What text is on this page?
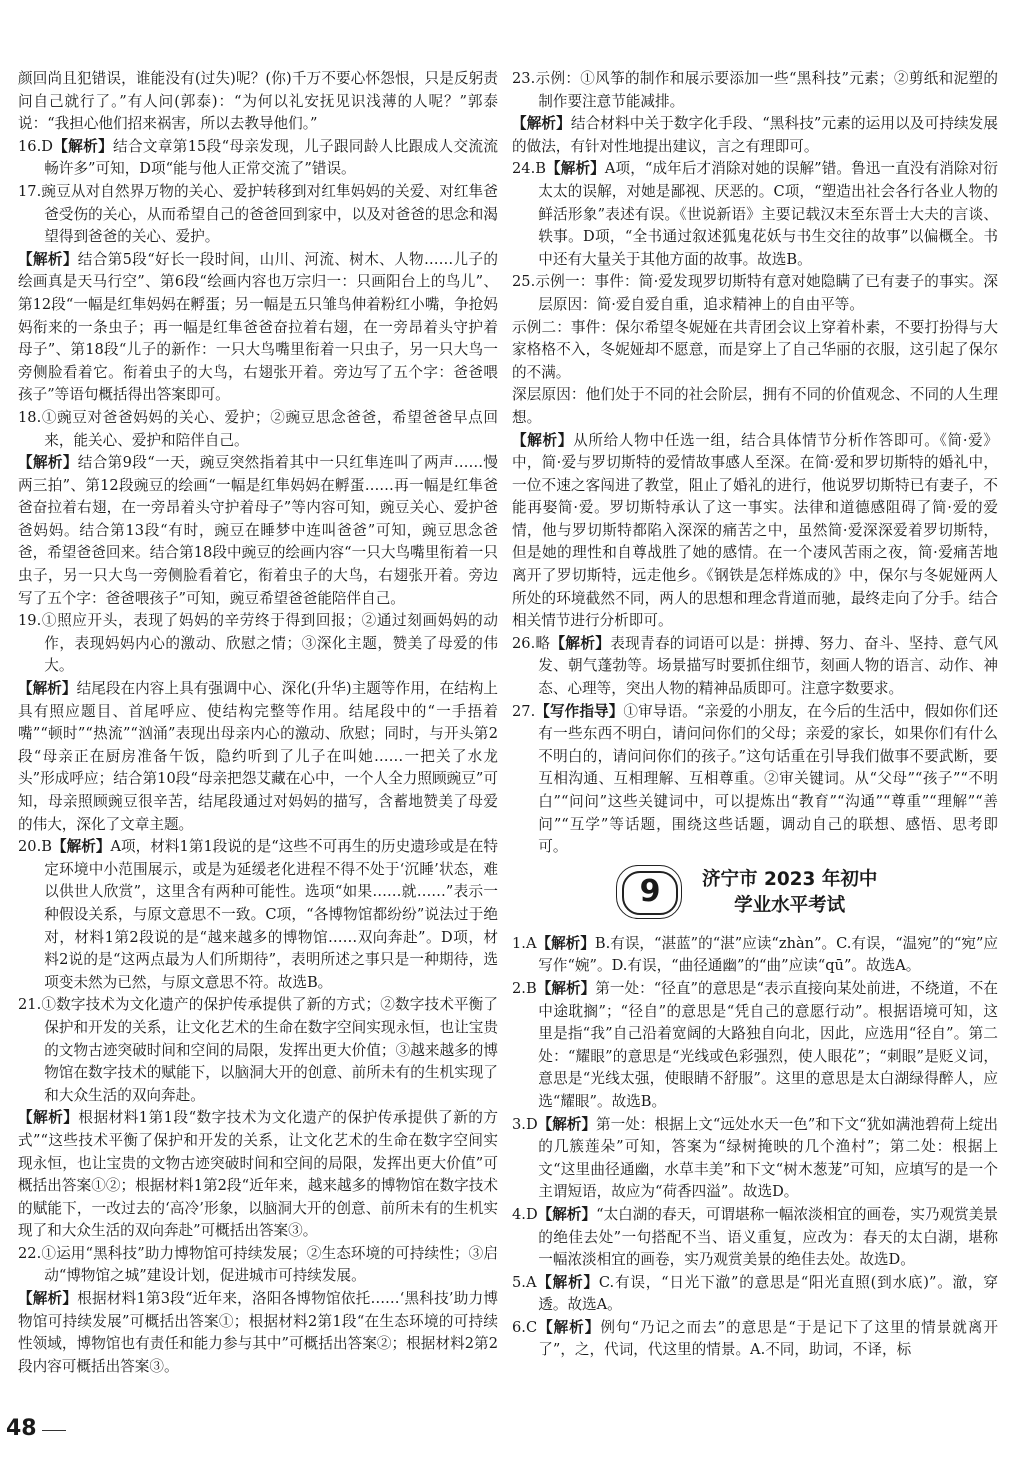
颜回尚且犯错误，谁能没有(过失)呢？(你)千万不要心怀怨恨，只是反躬责问自己就行了。”有人问(郭泰)：“为何以礼安抚见识浅薄的人呢？”郭泰说：“我担心他们招来祸害，所以去教导他们。”

16.D【解析】结合文章第15段“母亲发现，儿子跟同龄人比跟成人交流流畅许多”可知，D项“能与他人正常交流了”错误。

17.豌豆从对自然界万物的关心、爱护转移到对红隼妈妈的关爱、对红隼爸爸受伤的关心，从而希望自己的爸爸回到家中，以及对爸爸的思念和渴望得到爸爸的关心、爱护。

【解析】结合第5段“好长一段时间，山川、河流、树木、人物……儿子的绘画真是天马行空”、第6段“绘画内容也万宗归一：只画阳台上的鸟儿”、第12段“一幅是红隼妈妈在孵蛋；另一幅是五只雏鸟伸着粉红小嘴，争抢妈妈衔来的一条虫子；再一幅是红隼爸爸奋拉着右翅，在一旁昂着头守护着母子”、第18段“儿子的新作：一只大鸟嘴里衔着一只虫子，另一只大鸟一旁侧脸看着它。衔着虫子的大鸟，右翅张开着。旁边写了五个字：爸爸喂孩子”等语句概括得出答案即可。

18.①豌豆对爸爸妈妈的关心、爱护；②豌豆思念爸爸，希望爸爸早点回来，能关心、爱护和陪伴自己。

【解析】结合第9段“一天，豌豆突然指着其中一只红隼连叫了两声……慢两三拍”、第12段豌豆的绘画“一幅是红隼妈妈在孵蛋……再一幅是红隼爸爸奋拉着右翅，在一旁昂着头守护着母子”等内容可知，豌豆关心、爱护爸爸妈妈。结合第13段“有时，豌豆在睡梦中连叫爸爸”可知，豌豆思念爸爸，希望爸爸回来。结合第18段中豌豆的绘画内容“一只大鸟嘴里衔着一只虫子，另一只大鸟一旁侧脸看着它，衔着虫子的大鸟，右翅张开着。旁边写了五个字：爸爸喂孩子”可知，豌豆希望爸爸能陪伴自己。

19.①照应开头，表现了妈妈的辛劳终于得到回报；②通过刻画妈妈的动作，表现妈妈内心的激动、欣慰之情；③深化主题，赞美了母爱的伟大。

【解析】结尾段在内容上具有强调中心、深化(升华)主题等作用，在结构上具有照应题目、首尾呼应、使结构完整等作用。结尾段中的“一手捂着嘴”“顿时”“热流”“汹涌”表现出母亲内心的激动、欣慰；同时，与开头第2段“母亲正在厨房准备午饭，隐约听到了儿子在叫她……一把关了水龙头”形成呼应；结合第10段“母亲把怨艾藏在心中，一个人全力照顾豌豆”可知，母亲照顾豌豆很辛苦，结尾段通过对妈妈的描写，含蓄地赞美了母爱的伟大，深化了文章主题。

20.B【解析】A项，材料1第1段说的是“这些不可再生的历史遗珍或是在特定环境中小范围展示，或是为延缓老化进程不得不处于‘沉睡’状态，难以供世人欣赏”，这里含有两种可能性。选项“如果……就……”表示一种假设关系，与原文意思不一致。C项，“各博物馆都纷纷”说法过于绝对，材料1第2段说的是“越来越多的博物馆……双向奔赴”。D项，材料2说的是“这两点最为人们所期待”，表明所述之事只是一种期待，选项变未然为已然，与原文意思不符。故选B。

21.①数字技术为文化遗产的保护传承提供了新的方式；②数字技术平衡了保护和开发的关系，让文化艺术的生命在数字空间实现永恒，也让宝贵的文物古迹突破时间和空间的局限，发挥出更大价值；③越来越多的博物馆在数字技术的赋能下，以脑洞大开的创意、前所未有的生机实现了和大众生活的双向奔赴。

【解析】根据材料1第1段“数字技术为文化遗产的保护传承提供了新的方式”“这些技术平衡了保护和开发的关系，让文化艺术的生命在数字空间实现永恒，也让宝贵的文物古迹突破时间和空间的局限，发挥出更大价值”可概括出答案①②；根据材料1第2段“近年来，越来越多的博物馆在数字技术的赋能下，一改过去的‘高冷’形象，以脑洞大开的创意、前所未有的生机实现了和大众生活的双向奔赴”可概括出答案③。

22.①运用“黑科技”助力博物馆可持续发展；②生态环境的可持续性；③启动“博物馆之城”建设计划，促进城市可持续发展。

【解析】根据材料1第3段“近年来，洛阳各博物馆依托……‘黑科技’助力博物馆可持续发展”可概括出答案①；根据材料2第1段“在生态环境的可持续性领域，博物馆也有责任和能力参与其中”可概括出答案②；根据材料2第2段内容可概括出答案③。

23.示例：①风筝的制作和展示要添加一些“黑科技”元素；②剪纸和泥塑的制作要注意节能减排。

【解析】结合材料中关于数字化手段、“黑科技”元素的运用以及可持续发展的做法，有针对性地提出建议，言之有理即可。

24.B【解析】A项，“成年后才消除对她的误解”错。鲁迅一直没有消除对衍太太的误解，对她是鄙视、厌恶的。C项，“塑造出社会各行各业人物的鲜活形象”表述有误。《世说新语》主要记载汉末至东晋士大夫的言谈、轶事。D项，“全书通过叙述狐鬼花妖与书生交往的故事”以偏概全。书中还有大量关于其他方面的故事。故选B。

25.示例一：事件：简·爱发现罗切斯特有意对她隐瞒了已有妻子的事实。深层原因：简·爱自爱自重，追求精神上的自由平等。

示例二：事件：保尔希望冬妮娅在共青团会议上穿着朴素，不要打扮得与大家格格不入，冬妮娅却不愿意，而是穿上了自己华丽的衣服，这引起了保尔的不满。

深层原因：他们处于不同的社会阶层，拥有不同的价值观念、不同的人生理想。

【解析】从所给人物中任选一组，结合具体情节分析作答即可。《简·爱》中，简·爱与罗切斯特的爱情故事感人至深。在简·爱和罗切斯特的婚礼中，一位不速之客闯进了教堂，阻止了婚礼的进行，他说罗切斯特已有妻子，不能再娶简·爱。罗切斯特承认了这一事实。法律和道德感阻碍了简·爱的爱情，他与罗切斯特都陷入深深的痛苦之中，虽然简·爱深深爱着罗切斯特，但是她的理性和自尊战胜了她的感情。在一个凄风苦雨之夜，简·爱痛苦地离开了罗切斯特，远走他乡。《钢铁是怎样炼成的》中，保尔与冬妮娅两人所处的环境截然不同，两人的思想和理念背道而驰，最终走向了分手。结合相关情节进行分析即可。

26.略【解析】表现青春的词语可以是：拼搏、努力、奋斗、坚持、意气风发、朝气蓬勃等。场景描写时要抓住细节，刻画人物的语言、动作、神态、心理等，突出人物的精神品质即可。注意字数要求。

27.【写作指导】①审导语。“亲爱的小朋友，在今后的生活中，假如你们还有一些东西不明白，请问问你们的父母；亲爱的家长，如果你们有什么不明白的，请问问你们的孩子。”这句话重在引导我们做事不要武断，要互相沟通、互相理解、互相尊重。②审关键词。从“父母”“孩子”“不明白”“问问”这些关键词中，可以提炼出“教育”“沟通”“尊重”“理解”“善问”“互学”等话题，围绕这些话题，调动自己的联想、感悟、思考即可。

9	济宁市 2023 年初中
学业水平考试

1.A【解析】B.有误，“湛蓝”的“湛”应读“zhàn”。C.有误，“温宛”的“宛”应写作“婉”。D.有误，“曲径通幽”的“曲”应读“qū”。故选A。

2.B【解析】第一处：“径直”的意思是“表示直接向某处前进，不绕道，不在中途耽搁”；“径自”的意思是“凭自己的意愿行动”。根据语境可知，这里是指“我”自己沿着宽阔的大路独自向北，因此，应选用“径自”。第二处：“耀眼”的意思是“光线或色彩强烈，使人眼花”；“刺眼”是贬义词，意思是“光线太强，使眼睛不舒服”。这里的意思是太白湖绿得醉人，应选“耀眼”。故选B。

3.D【解析】第一处：根据上文“远处水天一色”和下文“犹如满池碧荷上绽出的几簇莲朵”可知，答案为“绿树掩映的几个渔村”；第二处：根据上文“这里曲径通幽，水草丰美”和下文“树木葱茏”可知，应填写的是一个主谓短语，故应为“荷香四溢”。故选D。

4.D【解析】“太白湖的春天，可谓堪称一幅浓淡相宜的画卷，实乃观赏美景的绝佳去处”一句搭配不当、语义重复，应改为：春天的太白湖，堪称一幅浓淡相宜的画卷，实乃观赏美景的绝佳去处。故选D。

5.A【解析】C.有误，“日光下澈”的意思是“阳光直照(到水底)”。澈，穿透。故选A。

6.C【解析】例句“乃记之而去”的意思是“于是记下了这里的情景就离开了”，之，代词，代这里的情景。A.不同，助词，不译，标

48
